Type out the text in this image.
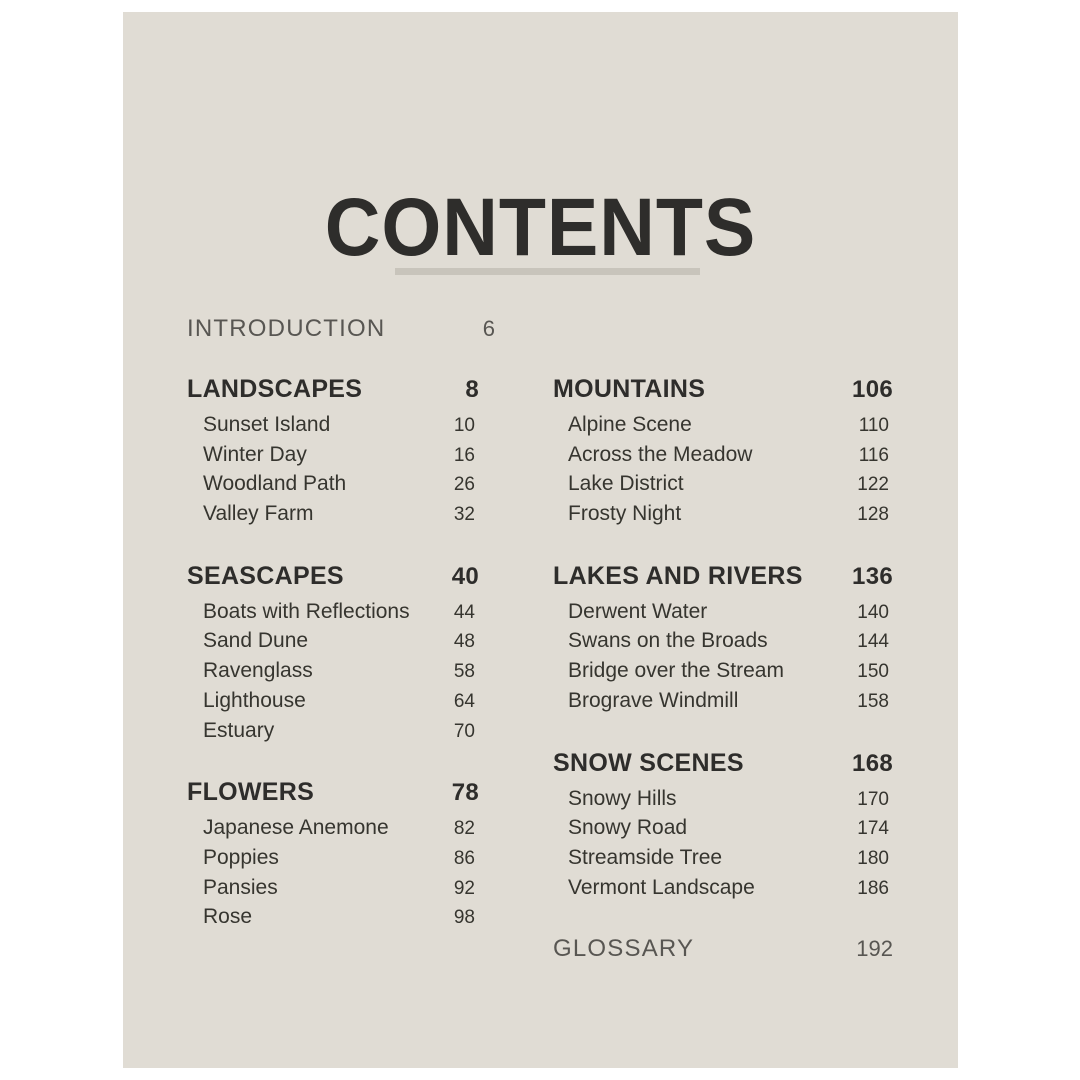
CONTENTS
INTRODUCTION	6
LANDSCAPES	8
Sunset Island	10
Winter Day	16
Woodland Path	26
Valley Farm	32
SEASCAPES	40
Boats with Reflections 44
Sand Dune	48
Ravenglass	58
Lighthouse	64
Estuary	70
FLOWERS	78
Japanese Anemone	82
Poppies	86
Pansies	92
Rose	98
MOUNTAINS	106
Alpine Scene	110
Across the Meadow	116
Lake District	122
Frosty Night	128
LAKES AND RIVERS 136
Derwent Water	140
Swans on the Broads	144
Bridge over the Stream	150
Brograve Windmill	158
SNOW SCENES	168
Snowy Hills	170
Snowy Road	174
Streamside Tree	180
Vermont Landscape	186
GLOSSARY	192
